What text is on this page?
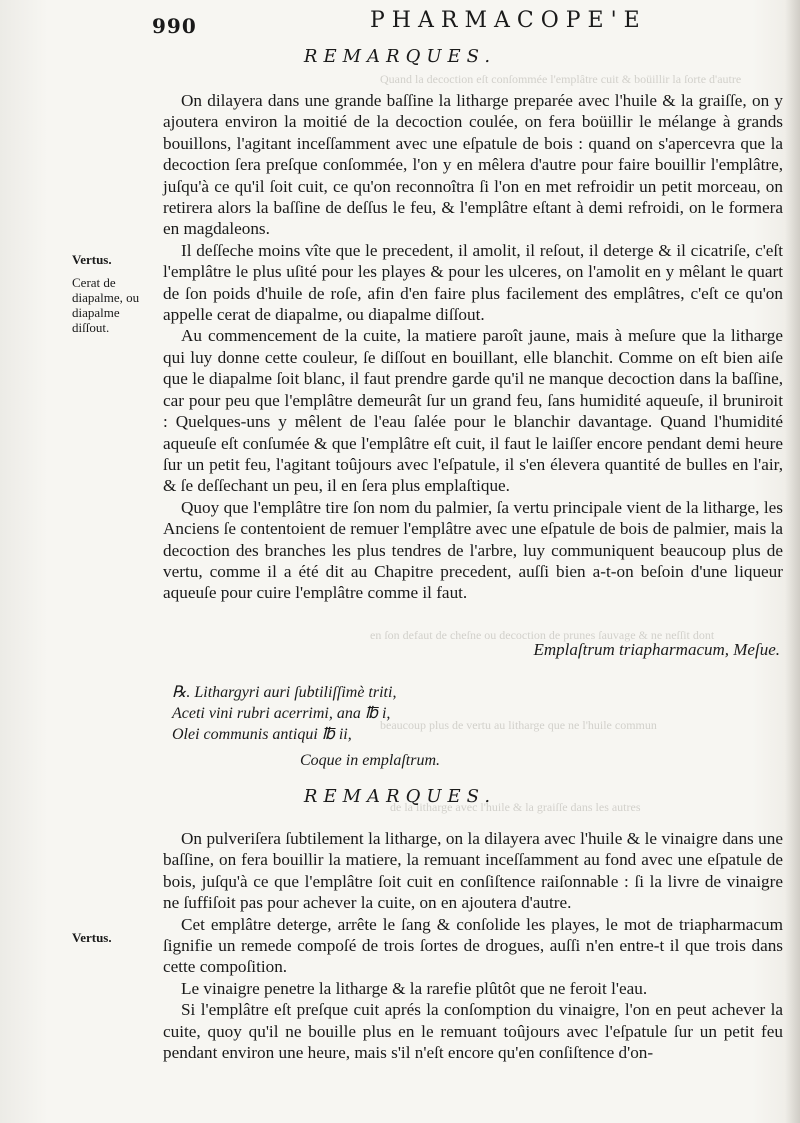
Quand la decoction eſt conſommée l'emplâtre cuit & boüillir la ſorte d'autre
en ſon defaut de cheſne ou decoction de prunes ſauvage & ne neſſit dont
beaucoup plus de vertu au litharge que ne l'huile commun
de la litharge avec l'huile & la graiſſe dans les autres
990	PHARMACOPE'E
REMARQUES.

On dilayera dans une grande baſſine la litharge preparée avec l'huile & la graiſſe, on y ajoutera environ la moitié de la decoction coulée, on fera boüillir le mélange à grands bouillons, l'agitant inceſſamment avec une eſpatule de bois : quand on s'apercevra que la decoction ſera preſque conſommée, l'on y en mêlera d'autre pour faire bouillir l'emplâtre, juſqu'à ce qu'il ſoit cuit, ce qu'on reconnoîtra ſi l'on en met refroidir un petit morceau, on retirera alors la baſſine de deſſus le feu, & l'emplâtre eſtant à demi refroidi, on le formera en magdaleons.

Il deſſeche moins vîte que le precedent, il amolit, il reſout, il deterge & il cicatriſe, c'eſt l'emplâtre le plus uſité pour les playes & pour les ulceres, on l'amolit en y mêlant le quart de ſon poids d'huile de roſe, afin d'en faire plus facilement des emplâtres, c'eſt ce qu'on appelle cerat de diapalme, ou diapalme diſſout.

Au commencement de la cuite, la matiere paroît jaune, mais à meſure que la litharge qui luy donne cette couleur, ſe diſſout en bouillant, elle blanchit. Comme on eſt bien aiſe que le diapalme ſoit blanc, il faut prendre garde qu'il ne manque decoction dans la baſſine, car pour peu que l'emplâtre demeurât ſur un grand feu, ſans humidité aqueuſe, il bruniroit : Quelques-uns y mêlent de l'eau ſalée pour le blanchir davantage. Quand l'humidité aqueuſe eſt conſumée & que l'emplâtre eſt cuit, il faut le laiſſer encore pendant demi heure ſur un petit feu, l'agitant toûjours avec l'eſpatule, il s'en élevera quantité de bulles en l'air, & ſe deſſechant un peu, il en ſera plus emplaſtique.

Quoy que l'emplâtre tire ſon nom du palmier, ſa vertu principale vient de la litharge, les Anciens ſe contentoient de remuer l'emplâtre avec une eſpatule de bois de palmier, mais la decoction des branches les plus tendres de l'arbre, luy communiquent beaucoup plus de vertu, comme il a été dit au Chapitre precedent, auſſi bien a-t-on beſoin d'une liqueur aqueuſe pour cuire l'emplâtre comme il faut.

Vertus.
Cerat de diapalme, ou diapalme diſſout.
Emplaſtrum triapharmacum, Meſue.
℞. Lithargyri auri ſubtiliſſimè triti,
Aceti vini rubri acerrimi, ana ℔ i,
Olei communis antiqui ℔ ii,
Coque in emplaſtrum.
REMARQUES.

On pulveriſera ſubtilement la litharge, on la dilayera avec l'huile & le vinaigre dans une baſſine, on fera bouillir la matiere, la remuant inceſſamment au fond avec une eſpatule de bois, juſqu'à ce que l'emplâtre ſoit cuit en conſiſtence raiſonnable : ſi la livre de vinaigre ne ſuffiſoit pas pour achever la cuite, on en ajoutera d'autre.

Cet emplâtre deterge, arrête le ſang & conſolide les playes, le mot de triapharmacum ſignifie un remede compoſé de trois ſortes de drogues, auſſi n'en entre-t il que trois dans cette compoſition.

Le vinaigre penetre la litharge & la rarefie plûtôt que ne feroit l'eau.

Si l'emplâtre eſt preſque cuit aprés la conſomption du vinaigre, l'on en peut achever la cuite, quoy qu'il ne bouille plus en le remuant toûjours avec l'eſpatule ſur un petit feu pendant environ une heure, mais s'il n'eſt encore qu'en conſiſtence d'on-

Vertus.
